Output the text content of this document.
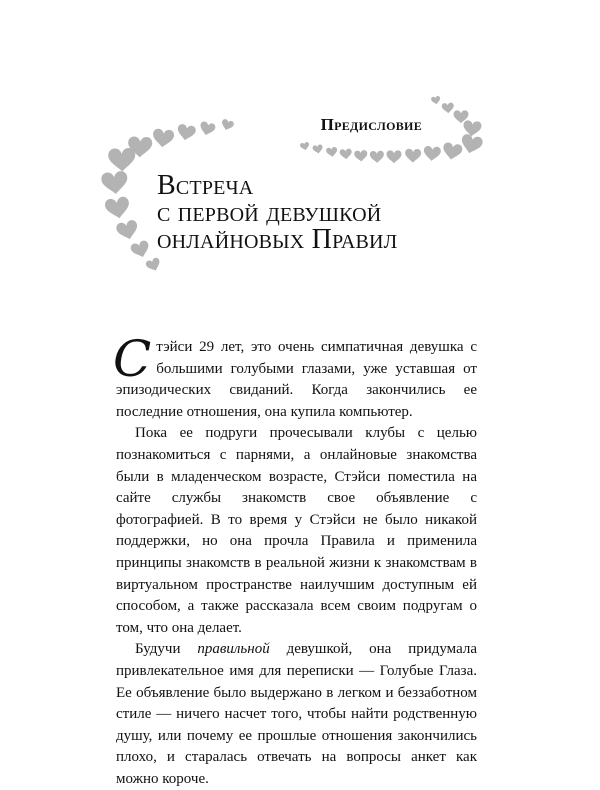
Предисловие
Встреча
с первой девушкой
онлайновых Правил

Стэйси 29 лет, это очень симпатичная девушка с большими голубыми глазами, уже уставшая от эпизодических свиданий. Когда закончились ее последние отношения, она купила компьютер.

Пока ее подруги прочесывали клубы с целью познакомиться с парнями, а онлайновые знакомства были в младенческом возрасте, Стэйси поместила на сайте службы знакомств свое объявление с фотографией. В то время у Стэйси не было никакой поддержки, но она прочла Правила и применила принципы знакомств в реальной жизни к знакомствам в виртуальном пространстве наилучшим доступным ей способом, а также рассказала всем своим подругам о том, что она делает.

Будучи правильной девушкой, она придумала привлекательное имя для переписки — Голубые Глаза. Ее объявление было выдержано в легком и беззаботном стиле — ничего насчет того, чтобы найти родственную душу, или почему ее прошлые отношения закончились плохо, и старалась отвечать на вопросы анкет как можно короче.
